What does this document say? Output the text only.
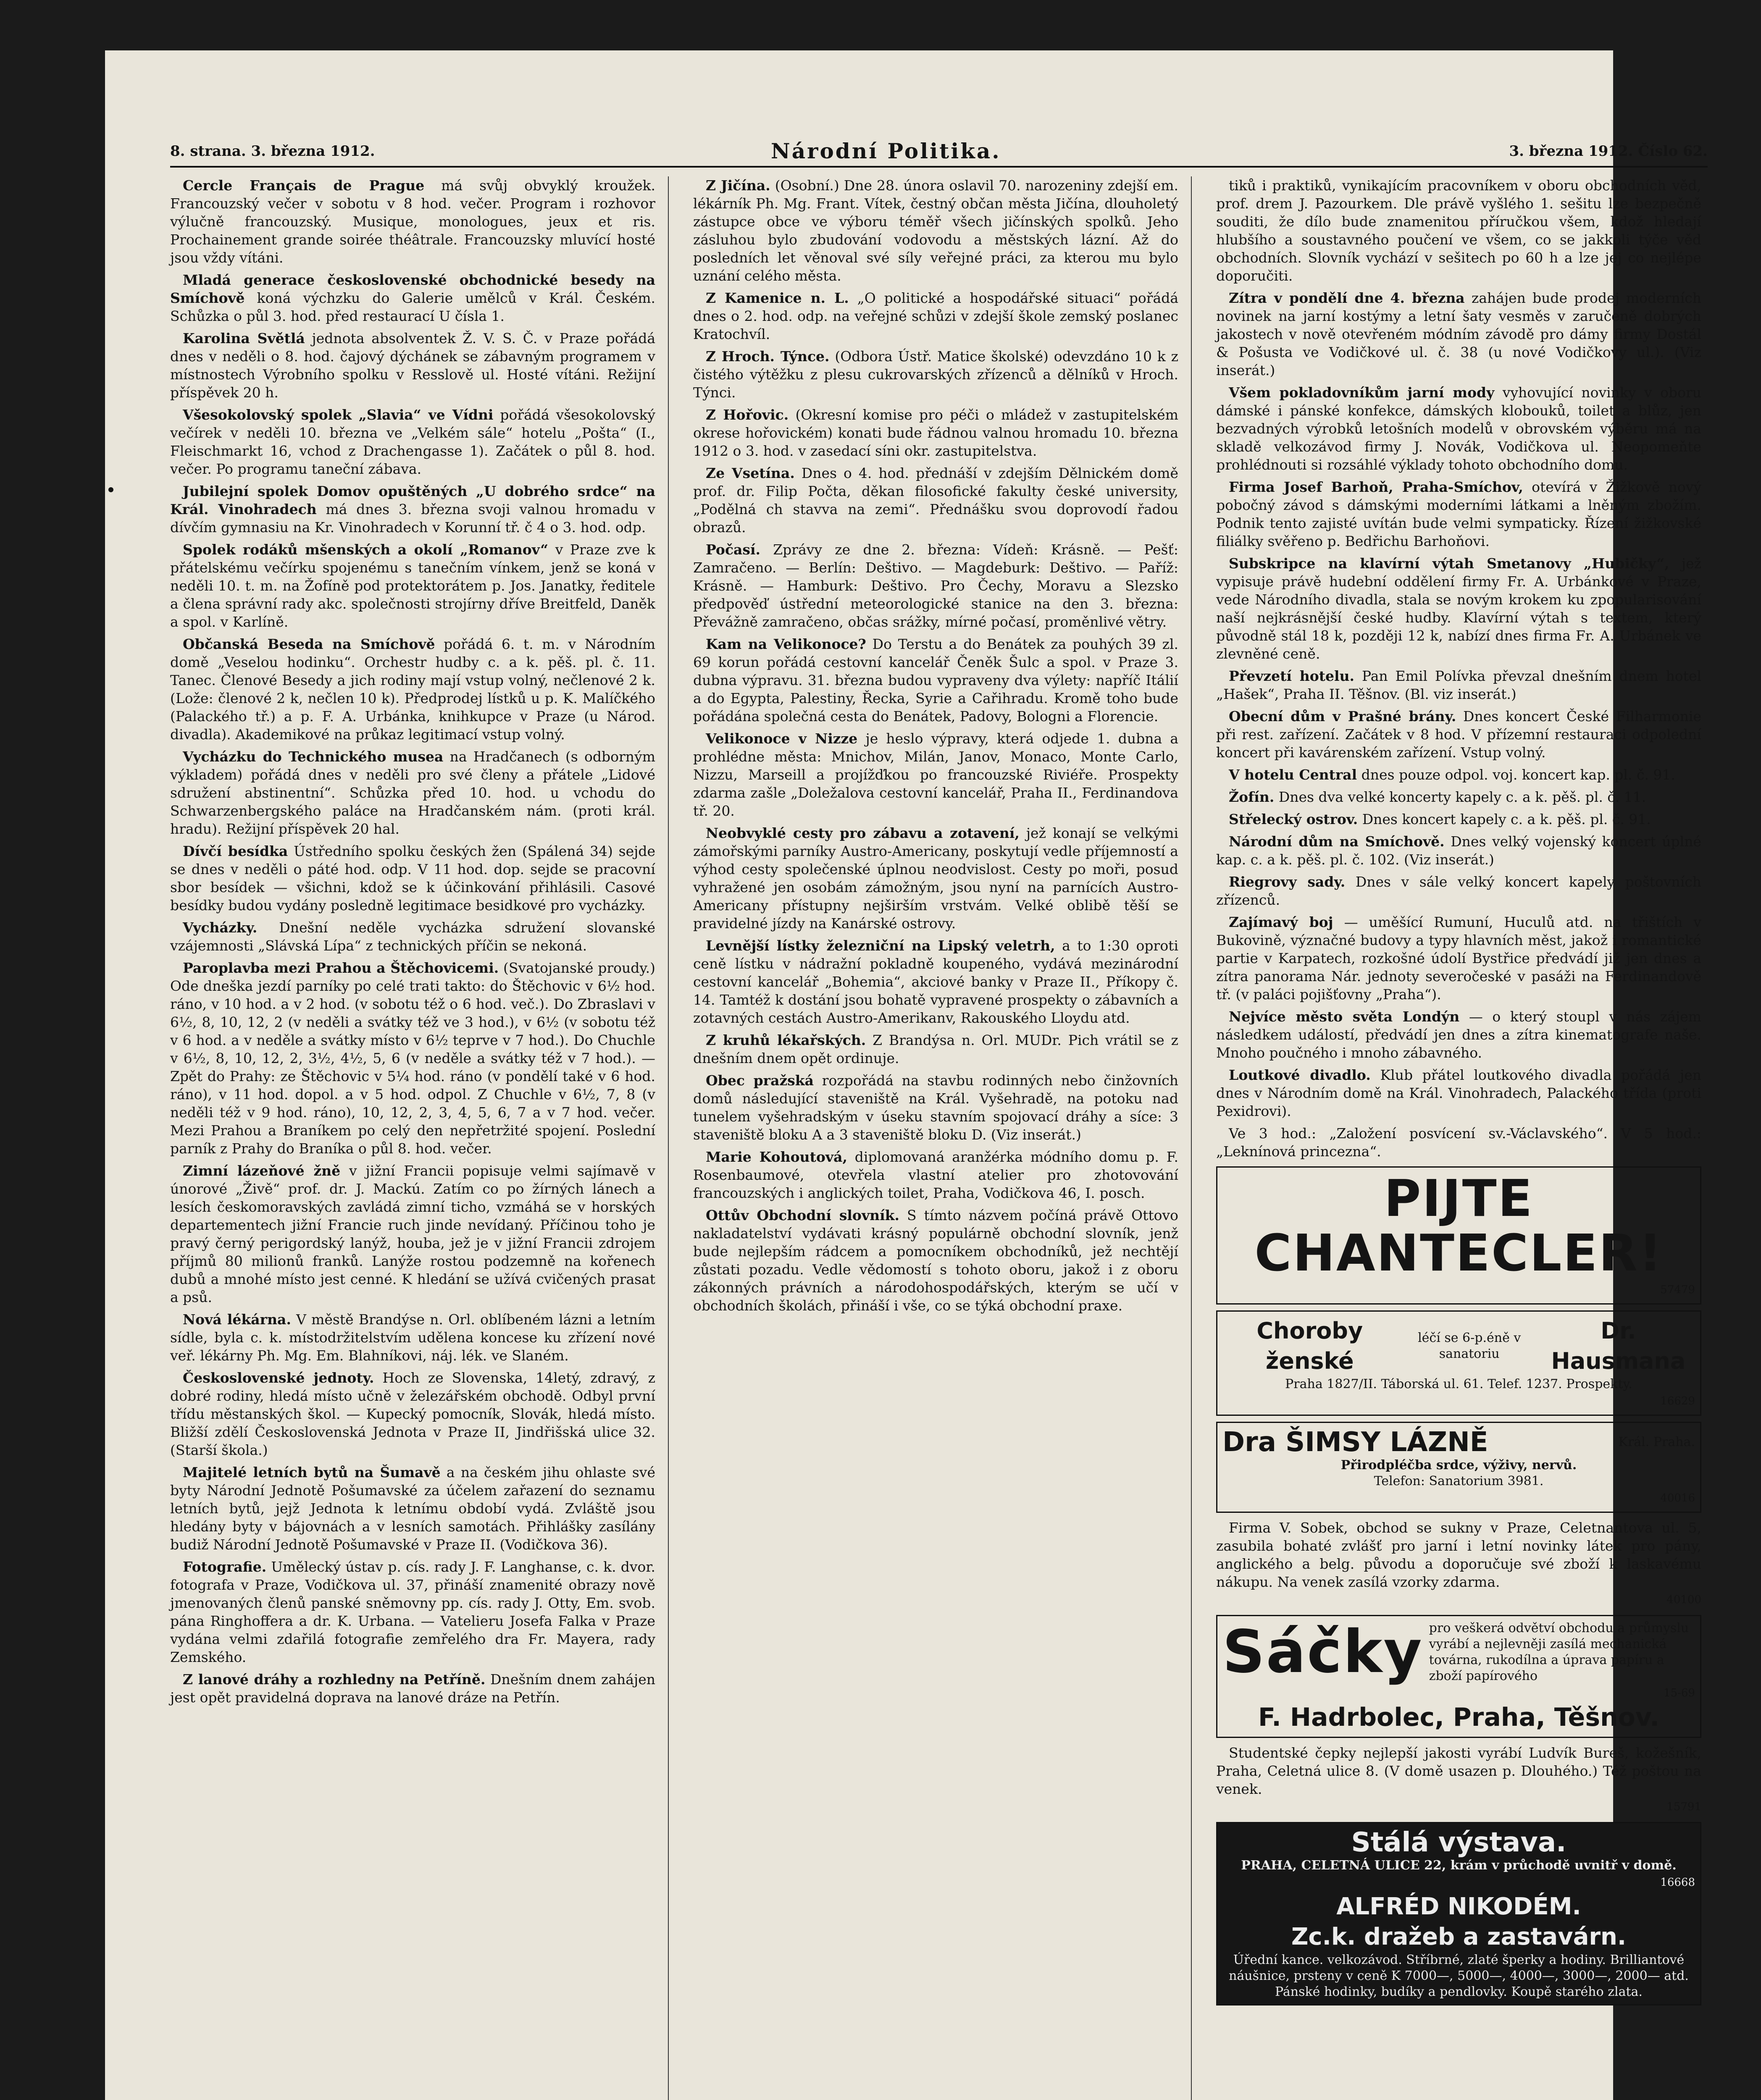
8. strana. 3. března 1912.	Národní Politika.	3. března 1912. Číslo 62.

Cercle Français de Prague má svůj obvyklý kroužek. Francouzský večer v sobotu v 8 hod. večer. Program i rozhovor výlučně francouzský. Musique, monologues, jeux et ris. Prochainement grande soirée théâtrale. Francouzsky mluvící hosté jsou vždy vítáni.

Mladá generace československé obchodnické besedy na Smíchově koná výchzku do Galerie umělců v Král. Českém. Schůzka o půl 3. hod. před restaurací U čísla 1.

Karolina Světlá jednota absolventek Ž. V. S. Č. v Praze pořádá dnes v neděli o 8. hod. čajový dýchánek se zábavným programem v místnostech Výrobního spolku v Resslově ul. Hosté vítáni. Režijní příspěvek 20 h.

Všesokolovský spolek „Slavia“ ve Vídni pořádá všesokolovský večírek v neděli 10. března ve „Velkém sále“ hotelu „Pošta“ (I., Fleischmarkt 16, vchod z Drachengasse 1). Začátek o půl 8. hod. večer. Po programu taneční zábava.

Jubilejní spolek Domov opuštěných „U dobrého srdce“ na Král. Vinohradech má dnes 3. března svoji valnou hromadu v dívčím gymnasiu na Kr. Vinohradech v Korunní tř. č 4 o 3. hod. odp.

Spolek rodáků mšenských a okolí „Romanov“ v Praze zve k přátelskému večírku spojenému s tanečním vínkem, jenž se koná v neděli 10. t. m. na Žofíně pod protektorátem p. Jos. Janatky, ředitele a člena správní rady akc. společnosti strojírny dříve Breitfeld, Daněk a spol. v Karlíně.

Občanská Beseda na Smíchově pořádá 6. t. m. v Národním domě „Veselou hodinku“. Orchestr hudby c. a k. pěš. pl. č. 11. Tanec. Členové Besedy a jich rodiny mají vstup volný, nečlenové 2 k. (Lože: členové 2 k, nečlen 10 k). Předprodej lístků u p. K. Malíčkého (Palackého tř.) a p. F. A. Urbánka, knihkupce v Praze (u Národ. divadla). Akademikové na průkaz legitimací vstup volný.

Vycházku do Technického musea na Hradčanech (s odborným výkladem) pořádá dnes v neděli pro své členy a přátele „Lidové sdružení abstinentní“. Schůzka před 10. hod. u vchodu do Schwarzenbergského paláce na Hradčanském nám. (proti král. hradu). Režijní příspěvek 20 hal.

Dívčí besídka Ústředního spolku českých žen (Spálená 34) sejde se dnes v neděli o páté hod. odp. V 11 hod. dop. sejde se pracovní sbor besídek — všichni, kdož se k účinkování přihlásili. Casové besídky budou vydány posledně legitimace besidkové pro vycházky.

Vycházky. Dnešní neděle vycházka sdružení slovanské vzájemnosti „Slávská Lípa“ z technických příčin se nekoná.

Paroplavba mezi Prahou a Štěchovicemi. (Svatojanské proudy.) Ode dneška jezdí parníky po celé trati takto: do Štěchovic v 6½ hod. ráno, v 10 hod. a v 2 hod. (v sobotu též o 6 hod. več.). Do Zbraslavi v 6½, 8, 10, 12, 2 (v neděli a svátky též ve 3 hod.), v 6½ (v sobotu též v 6 hod. a v neděle a svátky místo v 6½ teprve v 7 hod.). Do Chuchle v 6½, 8, 10, 12, 2, 3½, 4½, 5, 6 (v neděle a svátky též v 7 hod.). — Zpět do Prahy: ze Štěchovic v 5¼ hod. ráno (v pondělí také v 6 hod. ráno), v 11 hod. dopol. a v 5 hod. odpol. Z Chuchle v 6½, 7, 8 (v neděli též v 9 hod. ráno), 10, 12, 2, 3, 4, 5, 6, 7 a v 7 hod. večer. Mezi Prahou a Braníkem po celý den nepřetržité spojení. Poslední parník z Prahy do Braníka o půl 8. hod. večer.

Zimní lázeňové žně v jižní Francii popisuje velmi sajímavě v únorové „Živě“ prof. dr. J. Mackú. Zatím co po žírných lánech a lesích českomoravských zavládá zimní ticho, vzmáhá se v horských departementech jižní Francie ruch jinde nevídaný. Příčinou toho je pravý černý perigordský lanýž, houba, jež je v jižní Francii zdrojem příjmů 80 milionů franků. Lanýže rostou podzemně na kořenech dubů a mnohé místo jest cenné. K hledání se užívá cvičených prasat a psů.

Nová lékárna. V městě Brandýse n. Orl. oblíbeném lázni a letním sídle, byla c. k. místodržitelstvím udělena koncese ku zřízení nové veř. lékárny Ph. Mg. Em. Blahníkovi, náj. lék. ve Slaném.

Československé jednoty. Hoch ze Slovenska, 14letý, zdravý, z dobré rodiny, hledá místo učně v železářském obchodě. Odbyl první třídu městanských škol. — Kupecký pomocník, Slovák, hledá místo. Bližší zdělí Československá Jednota v Praze II, Jindřišská ulice 32. (Starší škola.)

Majitelé letních bytů na Šumavě a na českém jihu ohlaste své byty Národní Jednotě Pošumavské za účelem zařazení do seznamu letních bytů, jejž Jednota k letnímu období vydá. Zvláště jsou hledány byty v bájovnách a v lesních samotách. Přihlášky zasílány budiž Národní Jednotě Pošumavské v Praze II. (Vodičkova 36).

Fotografie. Umělecký ústav p. cís. rady J. F. Langhanse, c. k. dvor. fotografa v Praze, Vodičkova ul. 37, přináší znamenité obrazy nově jmenovaných členů panské sněmovny pp. cís. rady J. Otty, Em. svob. pána Ringhoffera a dr. K. Urbana. — Vatelieru Josefa Falka v Praze vydána velmi zdařilá fotografie zemřelého dra Fr. Mayera, rady Zemského.

Z lanové dráhy a rozhledny na Petříně. Dnešním dnem zahájen jest opět pravidelná doprava na lanové dráze na Petřín.

Z Jičína. (Osobní.) Dne 28. února oslavil 70. narozeniny zdejší em. lékárník Ph. Mg. Frant. Vítek, čestný občan města Jičína, dlouholetý zástupce obce ve výboru téměř všech jičínských spolků. Jeho zásluhou bylo zbudování vodovodu a městských lázní. Až do posledních let věnoval své síly veřejné práci, za kterou mu bylo uznání celého města.

Z Kamenice n. L. „O politické a hospodářské situaci“ pořádá dnes o 2. hod. odp. na veřejné schůzi v zdejší škole zemský poslanec Kratochvíl.

Z Hroch. Týnce. (Odbora Ústř. Matice školské) odevzdáno 10 k z čistého výtěžku z plesu cukrovarských zřízenců a dělníků v Hroch. Týnci.

Z Hořovic. (Okresní komise pro péči o mládež v zastupitelském okrese hořovickém) konati bude řádnou valnou hromadu 10. března 1912 o 3. hod. v zasedací síni okr. zastupitelstva.

Ze Vsetína. Dnes o 4. hod. přednáší v zdejším Dělnickém domě prof. dr. Filip Počta, děkan filosofické fakulty české university, „Podělná ch stavva na zemi“. Přednášku svou doprovodí řadou obrazů.

Počasí. Zprávy ze dne 2. března: Vídeň: Krásně. — Pešť: Zamračeno. — Berlín: Deštivo. — Magdeburk: Deštivo. — Paříž: Krásně. — Hamburk: Deštivo. Pro Čechy, Moravu a Slezsko předpověď ústřední meteorologické stanice na den 3. března: Převážně zamračeno, občas srážky, mírné počasí, proměnlivé větry.

Kam na Velikonoce? Do Terstu a do Benátek za pouhých 39 zl. 69 korun pořádá cestovní kancelář Čeněk Šulc a spol. v Praze 3. dubna výpravu. 31. března budou vypraveny dva výlety: napříč Itálií a do Egypta, Palestiny, Řecka, Syrie a Cařihradu. Kromě toho bude pořádána společná cesta do Benátek, Padovy, Bologni a Florencie.

Velikonoce v Nizze je heslo výpravy, která odjede 1. dubna a prohlédne města: Mnichov, Milán, Janov, Monaco, Monte Carlo, Nizzu, Marseill a projížďkou po francouzské Riviéře. Prospekty zdarma zašle „Doležalova cestovní kancelář, Praha II., Ferdinandova tř. 20.

Neobvyklé cesty pro zábavu a zotavení, jež konají se velkými zámořskými parníky Austro-Americany, poskytují vedle příjemností a výhod cesty společenské úplnou neodvislost. Cesty po moři, posud vyhražené jen osobám zámožným, jsou nyní na parnících Austro-Americany přístupny nejširším vrstvám. Velké oblibě těší se pravidelné jízdy na Kanárské ostrovy.

Levnější lístky železniční na Lipský veletrh, a to 1:30 oproti ceně lístku v nádražní pokladně koupeného, vydává mezinárodní cestovní kancelář „Bohemia“, akciové banky v Praze II., Příkopy č. 14. Tamtéž k dostání jsou bohatě vypravené prospekty o zábavních a zotavných cestách Austro-Amerikanv, Rakouského Lloydu atd.

Z kruhů lékařských. Z Brandýsa n. Orl. MUDr. Pich vrátil se z dnešním dnem opět ordinuje.

Obec pražská rozpořádá na stavbu rodinných nebo činžovních domů následující staveniště na Král. Vyšehradě, na potoku nad tunelem vyšehradským v úseku stavním spojovací dráhy a síce: 3 staveniště bloku A a 3 staveniště bloku D. (Viz inserát.)

Marie Kohoutová, diplomovaná aranžérka módního domu p. F. Rosenbaumové, otevřela vlastní atelier pro zhotovování francouzských i anglických toilet, Praha, Vodičkova 46, I. posch.

Ottův Obchodní slovník. S tímto názvem počíná právě Ottovo nakladatelství vydávati krásný populárně obchodní slovník, jenž bude nejlepším rádcem a pomocníkem obchodníků, jež nechtějí zůstati pozadu. Vedle vědomostí s tohoto oboru, jakož i z oboru zákonných právních a národohospodářských, kterým se učí v obchodních školách, přináší i vše, co se týká obchodní praxe.

tiků i praktiků, vynikajícím pracovníkem v oboru obchodních věd, prof. drem J. Pazourkem. Dle právě vyšlého 1. sešitu lze bezpečně souditi, že dílo bude znamenitou příručkou všem, kdož hledají hlubšího a soustavného poučení ve všem, co se jakkoli týče věd obchodních. Slovník vychází v sešitech po 60 h a lze jej co nejlépe doporučiti.

Zítra v pondělí dne 4. března zahájen bude prodej moderních novinek na jarní kostýmy a letní šaty vesměs v zaručeně dobrých jakostech v nově otevřeném módním závodě pro dámy firmy Dostál & Pošusta ve Vodičkové ul. č. 38 (u nové Vodičkovy ul.). (Viz inserát.)

Všem pokladovníkům jarní mody vyhovující novinky v oboru dámské i pánské konfekce, dámských klobouků, toilet a blůz, jen bezvadných výrobků letošních modelů v obrovském výběru má na skladě velkozávod firmy J. Novák, Vodičkova ul. Neopomeňte prohlédnouti si rozsáhlé výklady tohoto obchodního domu.

Firma Josef Barhoň, Praha-Smíchov, otevírá v Žižkově nový pobočný závod s dámskými moderními látkami a lněným zbožím. Podnik tento zajisté uvítán bude velmi sympaticky. Řízení žižkovské filiálky svěřeno p. Bedřichu Barhoňovi.

Subskripce na klavírní výtah Smetanovy „Hubičky“, jež vypisuje právě hudební oddělení firmy Fr. A. Urbánkové v Praze, vede Národního divadla, stala se novým krokem ku zpopularisování naší nejkrásnější české hudby. Klavírní výtah s textem, který původně stál 18 k, později 12 k, nabízí dnes firma Fr. A. Urbánek ve zlevněné ceně.

Převzetí hotelu. Pan Emil Polívka převzal dnešním dnem hotel „Hašek“, Praha II. Těšnov. (Bl. viz inserát.)

Obecní dům v Prašné brány. Dnes koncert České Filharmonie při rest. zařízení. Začátek v 8 hod. V přízemní restauraci odpolední koncert při kavárenském zařízení. Vstup volný.

V hotelu Central dnes pouze odpol. voj. koncert kap. pl. č. 91.

Žofín. Dnes dva velké koncerty kapely c. a k. pěš. pl. č. 11.

Střelecký ostrov. Dnes koncert kapely c. a k. pěš. pl. č. 91.

Národní dům na Smíchově. Dnes velký vojenský koncert úplné kap. c. a k. pěš. pl. č. 102. (Viz inserát.)

Riegrovy sady. Dnes v sále velký koncert kapely poštovních zřízenců.

Zajímavý boj — uměšící Rumuní, Huculů atd. na třištích v Bukovině, význačné budovy a typy hlavních měst, jakož i romantické partie v Karpatech, rozkošné údolí Bystřice předvádí již jen dnes a zítra panorama Nár. jednoty severočeské v pasáži na Ferdinandově tř. (v paláci pojišťovny „Praha“).

Nejvíce město světa Londýn — o který stoupl v nás zájem následkem událostí, předvádí jen dnes a zítra kinematografe naše. Mnoho poučného i mnoho zábavného.

Loutkové divadlo. Klub přátel loutkového divadla pořádá jen dnes v Národním domě na Král. Vinohradech, Palackého třída (proti Pexidrovi).

Ve 3 hod.: „Založení posvícení sv.-Václavského“. V 5 hod.: „Leknínová princezna“.

PIJTE CHANTECLER!
57479
Choroby ženské
léčí se 6-p.éně v sanatoriu
Dr. Hausmana
Praha 1827/II. Táborská ul. 61. Telef. 1237. Prospekty.
16629
Dra ŠIMSY LÁZNĚ	Král. Praha.
Přirodpléčba srdce, výživy, nervů.
Telefon: Sanatorium 3981.
40016
Firma V. Sobek, obchod se sukny v Praze, Celetnantova ul. 5, zasubila bohaté zvlášť pro jarní i letní novinky látek pro pány, anglického a belg. původu a doporučuje své zboží k laskavému nákupu. Na venek zasílá vzorky zdarma.
40100
Sáčky pro veškerá odvětví obchodu a průmyslu vyrábí a nejlevněji zasílá mechanická továrna, rukodílna a úprava papíru a zboží papírového
15-69
F. Hadrbolec, Praha, Těšnov.
Studentské čepky nejlepší jakosti vyrábí Ludvík Bureš, kožešník, Praha, Celetná ulice 8. (V domě usazen p. Dlouhého.) Též poštou na venek.
15791
Stálá výstava.
PRAHA, CELETNÁ ULICE 22, krám v průchodě uvnitř v domě.
16668
ALFRÉD NIKODÉM.
Zc.k. dražeb a zastavárn.
Úřední kance. velkozávod. Stříbrné, zlaté šperky a hodiny. Brilliantové náušnice, prsteny v ceně K 7000—, 5000—, 4000—, 3000—, 2000— atd. Pánské hodinky, budíky a pendlovky. Koupě starého zlata.
